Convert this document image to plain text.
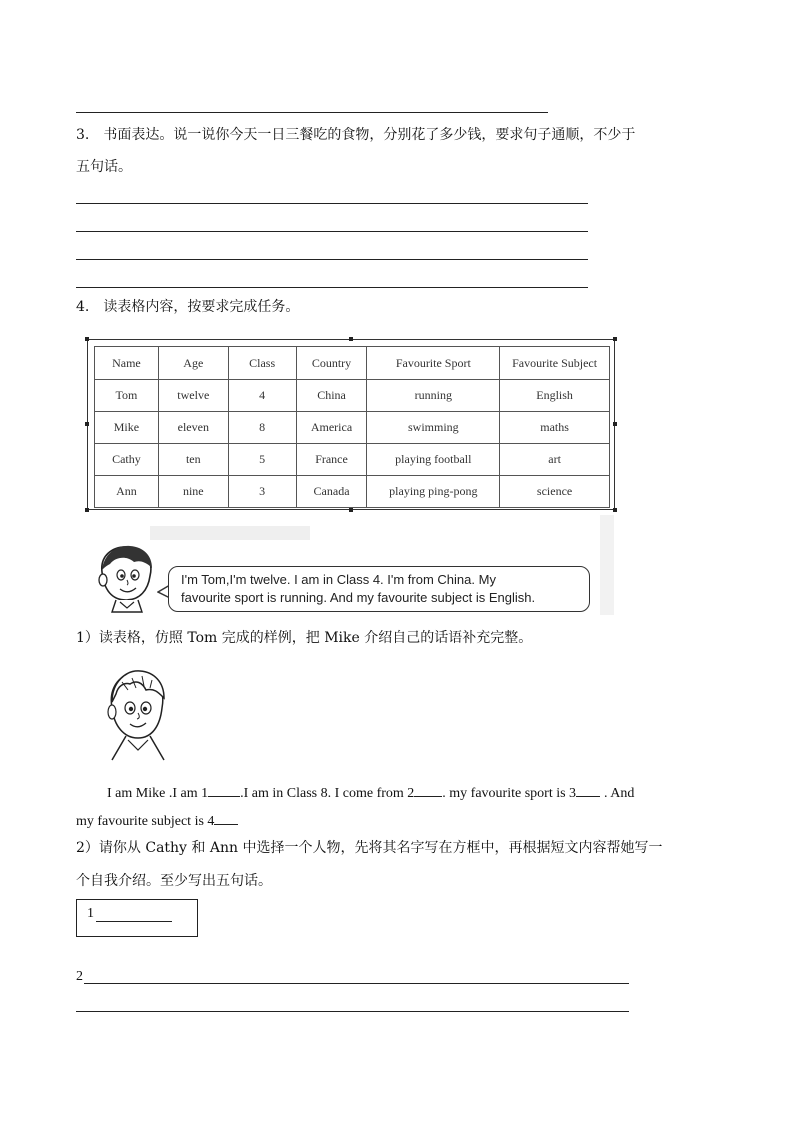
3. 书面表达。说一说你今天一日三餐吃的食物，分别花了多少钱，要求句子通顺，不少于
五句话。
4. 读表格内容，按要求完成任务。
Name	Age	Class	Country	Favourite Sport	Favourite Subject
Tom	twelve	4	China	running	English
Mike	eleven	8	America	swimming	maths
Cathy	ten	5	France	playing football	art
Ann	nine	3	Canada	playing ping-pong	science
I'm Tom,I'm twelve. I am in Class 4. I'm from China. My
favourite sport is running. And my favourite subject is English.
1）读表格，仿照 Tom 完成的样例，把 Mike 介绍自己的话语补充完整。
I am Mike .I am 1 .I am in Class 8. I come from 2 . my favourite sport is 3 . And
my favourite subject is 4
2）请你从 Cathy 和 Ann 中选择一个人物，先将其名字写在方框中，再根据短文内容帮她写一
个自我介绍。至少写出五句话。
1
2
